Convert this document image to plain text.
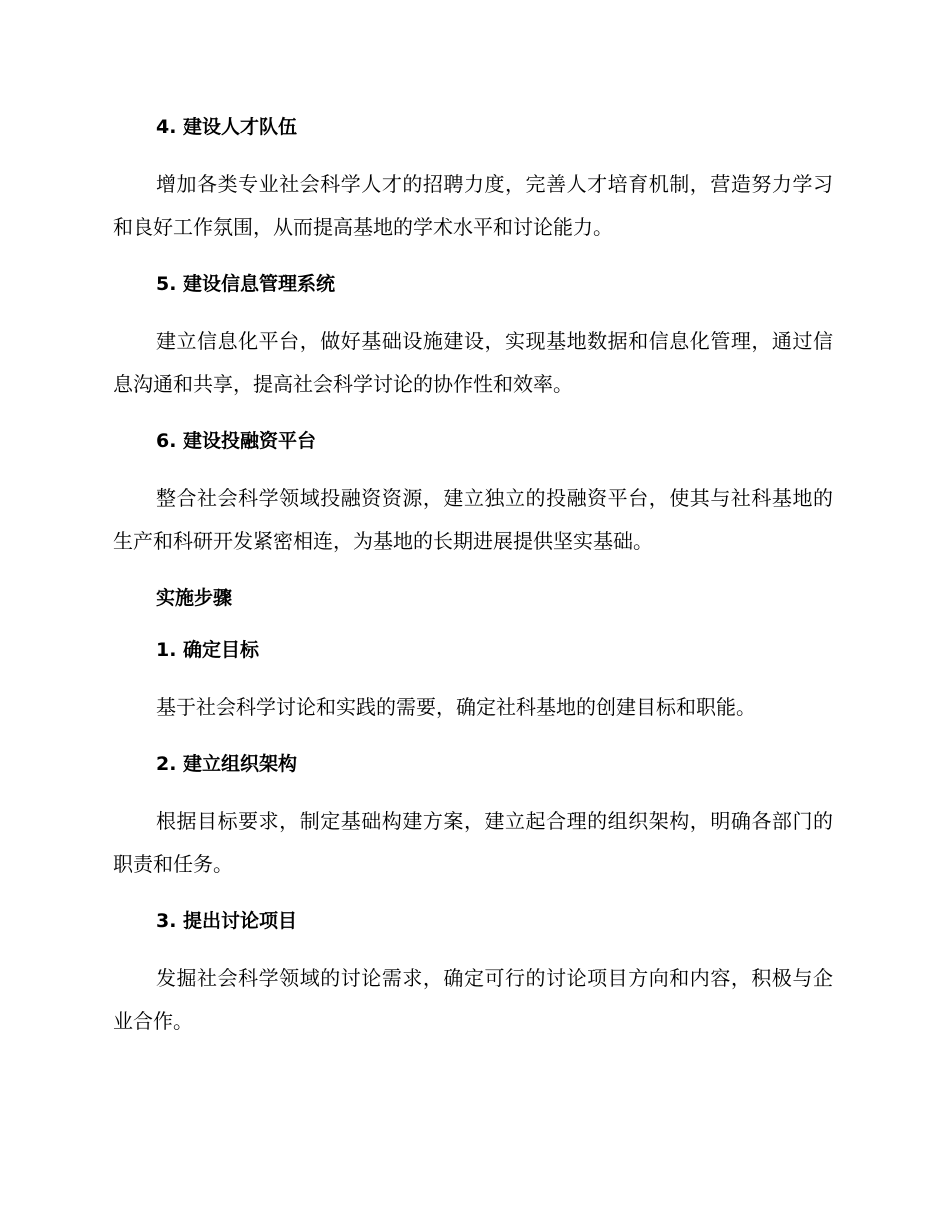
4. 建设人才队伍

增加各类专业社会科学人才的招聘力度，完善人才培育机制，营造努力学习和良好工作氛围，从而提高基地的学术水平和讨论能力。

5. 建设信息管理系统

建立信息化平台，做好基础设施建设，实现基地数据和信息化管理，通过信息沟通和共享，提高社会科学讨论的协作性和效率。

6. 建设投融资平台

整合社会科学领域投融资资源，建立独立的投融资平台，使其与社科基地的生产和科研开发紧密相连，为基地的长期进展提供坚实基础。

实施步骤
1. 确定目标

基于社会科学讨论和实践的需要，确定社科基地的创建目标和职能。

2. 建立组织架构

根据目标要求，制定基础构建方案，建立起合理的组织架构，明确各部门的职责和任务。

3. 提出讨论项目

发掘社会科学领域的讨论需求，确定可行的讨论项目方向和内容，积极与企业合作。
